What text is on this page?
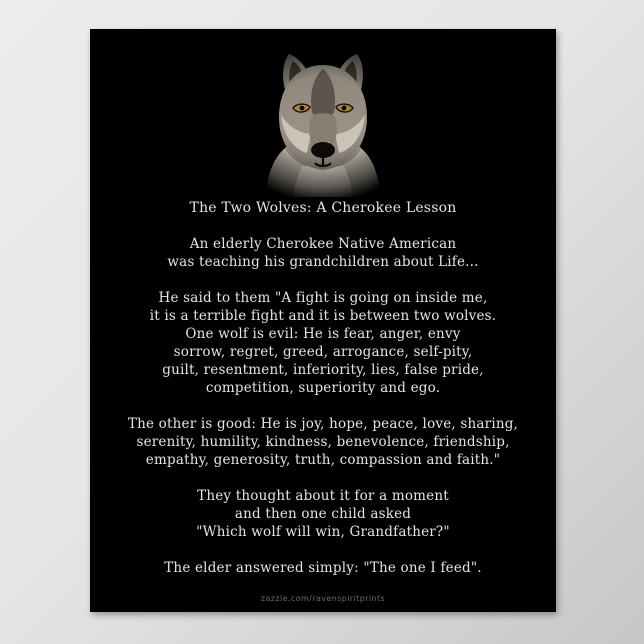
The Two Wolves: A Cherokee Lesson
An elderly Cherokee Native American
was teaching his grandchildren about Life...
He said to them "A fight is going on inside me,
it is a terrible fight and it is between two wolves.
One wolf is evil: He is fear, anger, envy
sorrow, regret, greed, arrogance, self-pity,
guilt, resentment, inferiority, lies, false pride,
competition, superiority and ego.
The other is good: He is joy, hope, peace, love, sharing,
serenity, humility, kindness, benevolence, friendship,
empathy, generosity, truth, compassion and faith."
They thought about it for a moment
and then one child asked
"Which wolf will win, Grandfather?"
The elder answered simply: "The one I feed".
zazzle.com/ravenspiritprints
